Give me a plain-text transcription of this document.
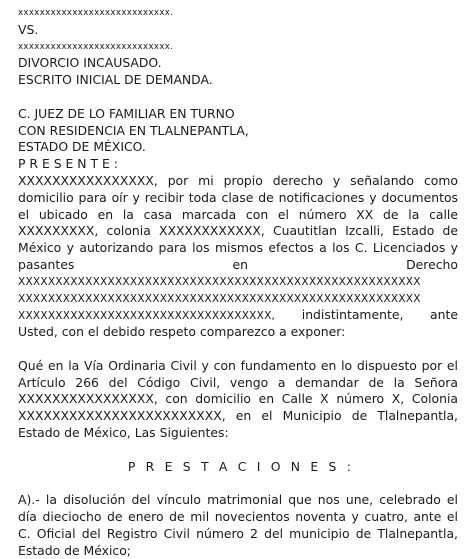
xxxxxxxxxxxxxxxxxxxxxxxxxxxx.
VS.
xxxxxxxxxxxxxxxxxxxxxxxxxxxx.
DIVORCIO INCAUSADO.
ESCRITO INICIAL DE DEMANDA.
C. JUEZ DE LO FAMILIAR EN TURNO
CON RESIDENCIA EN TLALNEPANTLA,
ESTADO DE MÉXICO.
P R E S E N T E :
XXXXXXXXXXXXXXXX, por mi propio derecho y señalando como
domicilio para oír y recibir toda clase de notificaciones y documentos
el ubicado en la casa marcada con el número XX de la calle
XXXXXXXXX, colonia XXXXXXXXXXXX, Cuautitlan Izcalli, Estado de
México y autorizando para los mismos efectos a los C. Licenciados y
pasantes	en	Derecho
XXXXXXXXXXXXXXXXXXXXXXXXXXXXXXXXXXXXXXXXXXXXXXXXXXXXXX
XXXXXXXXXXXXXXXXXXXXXXXXXXXXXXXXXXXXXXXXXXXXXXXXXXXXXX
XXXXXXXXXXXXXXXXXXXXXXXXXXXXXXXXXX, indistintamente, ante
Usted, con el debido respeto comparezco a exponer:
Qué en la Vía Ordinaria Civil y con fundamento en lo dispuesto por el
Artículo 266 del Código Civil, vengo a demandar de la Señora
XXXXXXXXXXXXXXXX, con domicilio en Calle X número X, Colonia
XXXXXXXXXXXXXXXXXXXXXXXX, en el Municipio de Tlalnepantla,
Estado de México, Las Siguientes:
P R E S T A C I O N E S :
A).- la disolución del vínculo matrimonial que nos une, celebrado el
día dieciocho de enero de mil novecientos noventa y cuatro, ante el
C. Oficial del Registro Civil número 2 del municipio de Tlalnepantla,
Estado de México;
